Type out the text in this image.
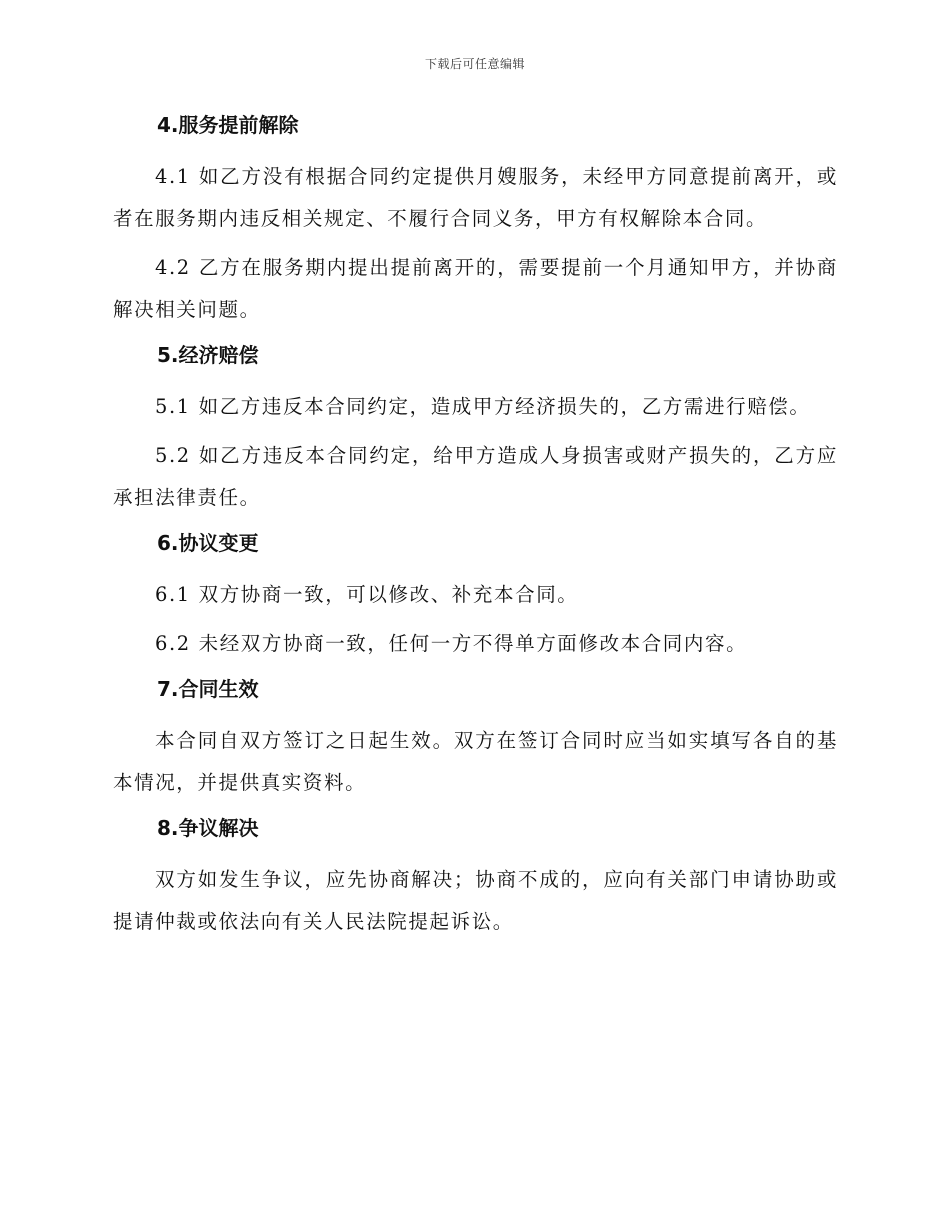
下载后可任意编辑
4.服务提前解除

4.1 如乙方没有根据合同约定提供月嫂服务，未经甲方同意提前离开，或者在服务期内违反相关规定、不履行合同义务，甲方有权解除本合同。

4.2 乙方在服务期内提出提前离开的，需要提前一个月通知甲方，并协商解决相关问题。

5.经济赔偿

5.1 如乙方违反本合同约定，造成甲方经济损失的，乙方需进行赔偿。

5.2 如乙方违反本合同约定，给甲方造成人身损害或财产损失的，乙方应承担法律责任。

6.协议变更

6.1 双方协商一致，可以修改、补充本合同。

6.2 未经双方协商一致，任何一方不得单方面修改本合同内容。

7.合同生效

本合同自双方签订之日起生效。双方在签订合同时应当如实填写各自的基本情况，并提供真实资料。

8.争议解决

双方如发生争议，应先协商解决；协商不成的，应向有关部门申请协助或提请仲裁或依法向有关人民法院提起诉讼。
